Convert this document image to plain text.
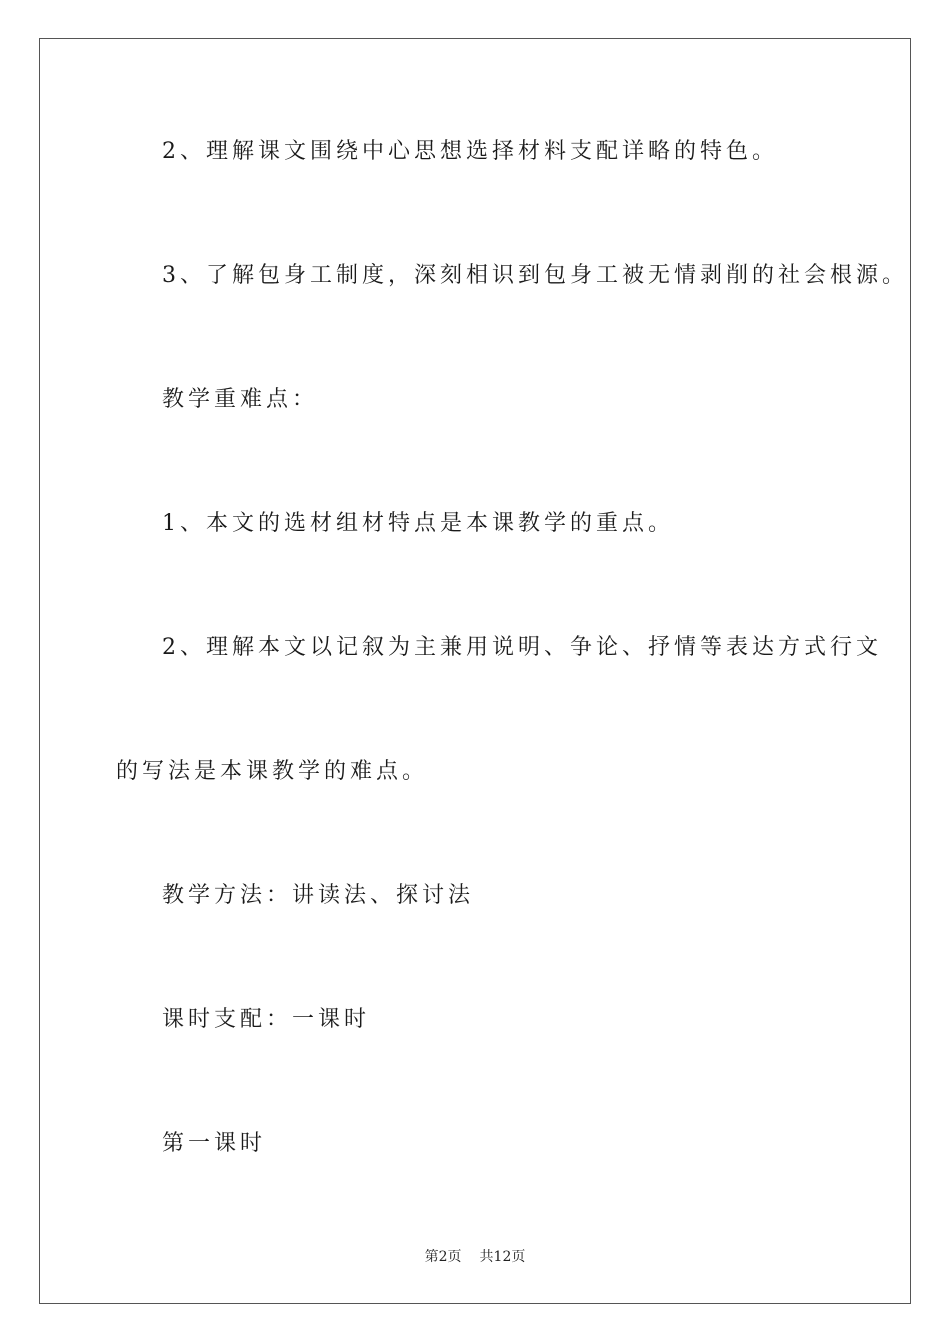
2、理解课文围绕中心思想选择材料支配详略的特色。
3、了解包身工制度，深刻相识到包身工被无情剥削的社会根源。
教学重难点：
1、本文的选材组材特点是本课教学的重点。
2、理解本文以记叙为主兼用说明、争论、抒情等表达方式行文
的写法是本课教学的难点。
教学方法：讲读法、探讨法
课时支配：一课时
第一课时
第2页 共12页
